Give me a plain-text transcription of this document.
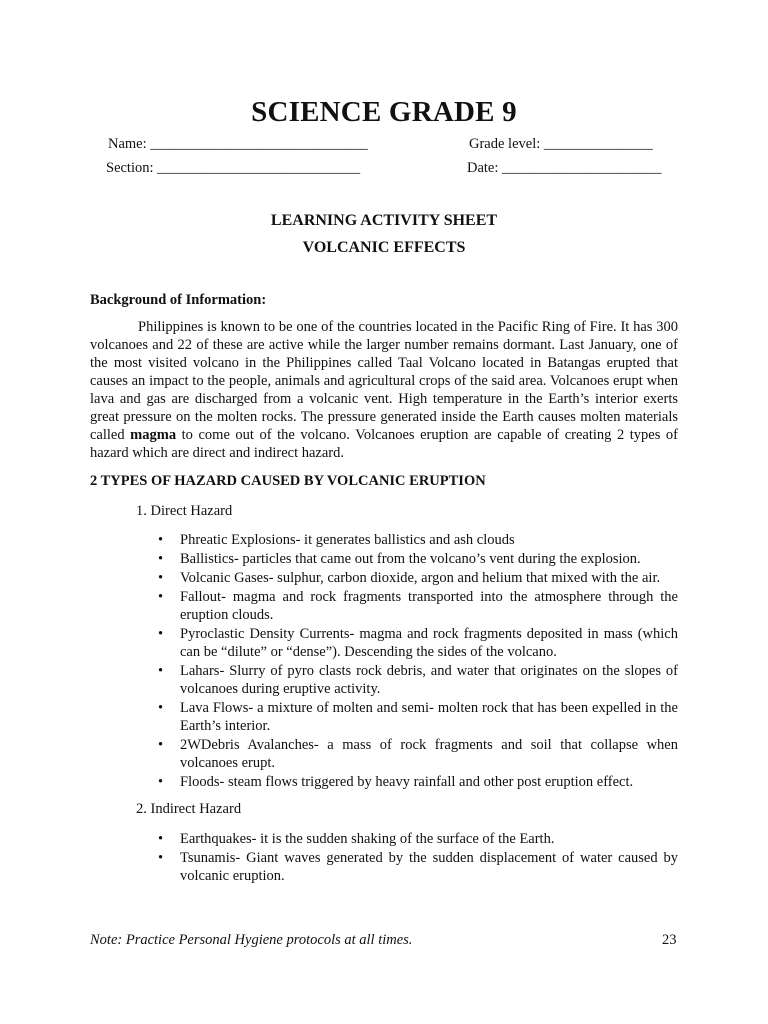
SCIENCE GRADE 9
Name: ______________________________	Grade level: _______________
Section: ____________________________	Date: ______________________
LEARNING ACTIVITY SHEET
VOLCANIC EFFECTS
Background of Information:
Philippines is known to be one of the countries located in the Pacific Ring of Fire. It has 300 volcanoes and 22 of these are active while the larger number remains dormant. Last January, one of the most visited volcano in the Philippines called Taal Volcano located in Batangas erupted that causes an impact to the people, animals and agricultural crops of the said area. Volcanoes erupt when lava and gas are discharged from a volcanic vent. High temperature in the Earth’s interior exerts great pressure on the molten rocks. The pressure generated inside the Earth causes molten materials called magma to come out of the volcano. Volcanoes eruption are capable of creating 2 types of hazard which are direct and indirect hazard.
2 TYPES OF HAZARD CAUSED BY VOLCANIC ERUPTION
1. Direct Hazard
• Phreatic Explosions- it generates ballistics and ash clouds
• Ballistics- particles that came out from the volcano’s vent during the explosion.
• Volcanic Gases- sulphur, carbon dioxide, argon and helium that mixed with the air.
• Fallout- magma and rock fragments transported into the atmosphere through the eruption clouds.
• Pyroclastic Density Currents- magma and rock fragments deposited in mass (which can be “dilute” or “dense”). Descending the sides of the volcano.
• Lahars- Slurry of pyro clasts rock debris, and water that originates on the slopes of volcanoes during eruptive activity.
• Lava Flows- a mixture of molten and semi- molten rock that has been expelled in the Earth’s interior.
• 2WDebris Avalanches- a mass of rock fragments and soil that collapse when volcanoes erupt.
• Floods- steam flows triggered by heavy rainfall and other post eruption effect.
2. Indirect Hazard
• Earthquakes- it is the sudden shaking of the surface of the Earth.
• Tsunamis- Giant waves generated by the sudden displacement of water caused by volcanic eruption.
Note: Practice Personal Hygiene protocols at all times.	23
